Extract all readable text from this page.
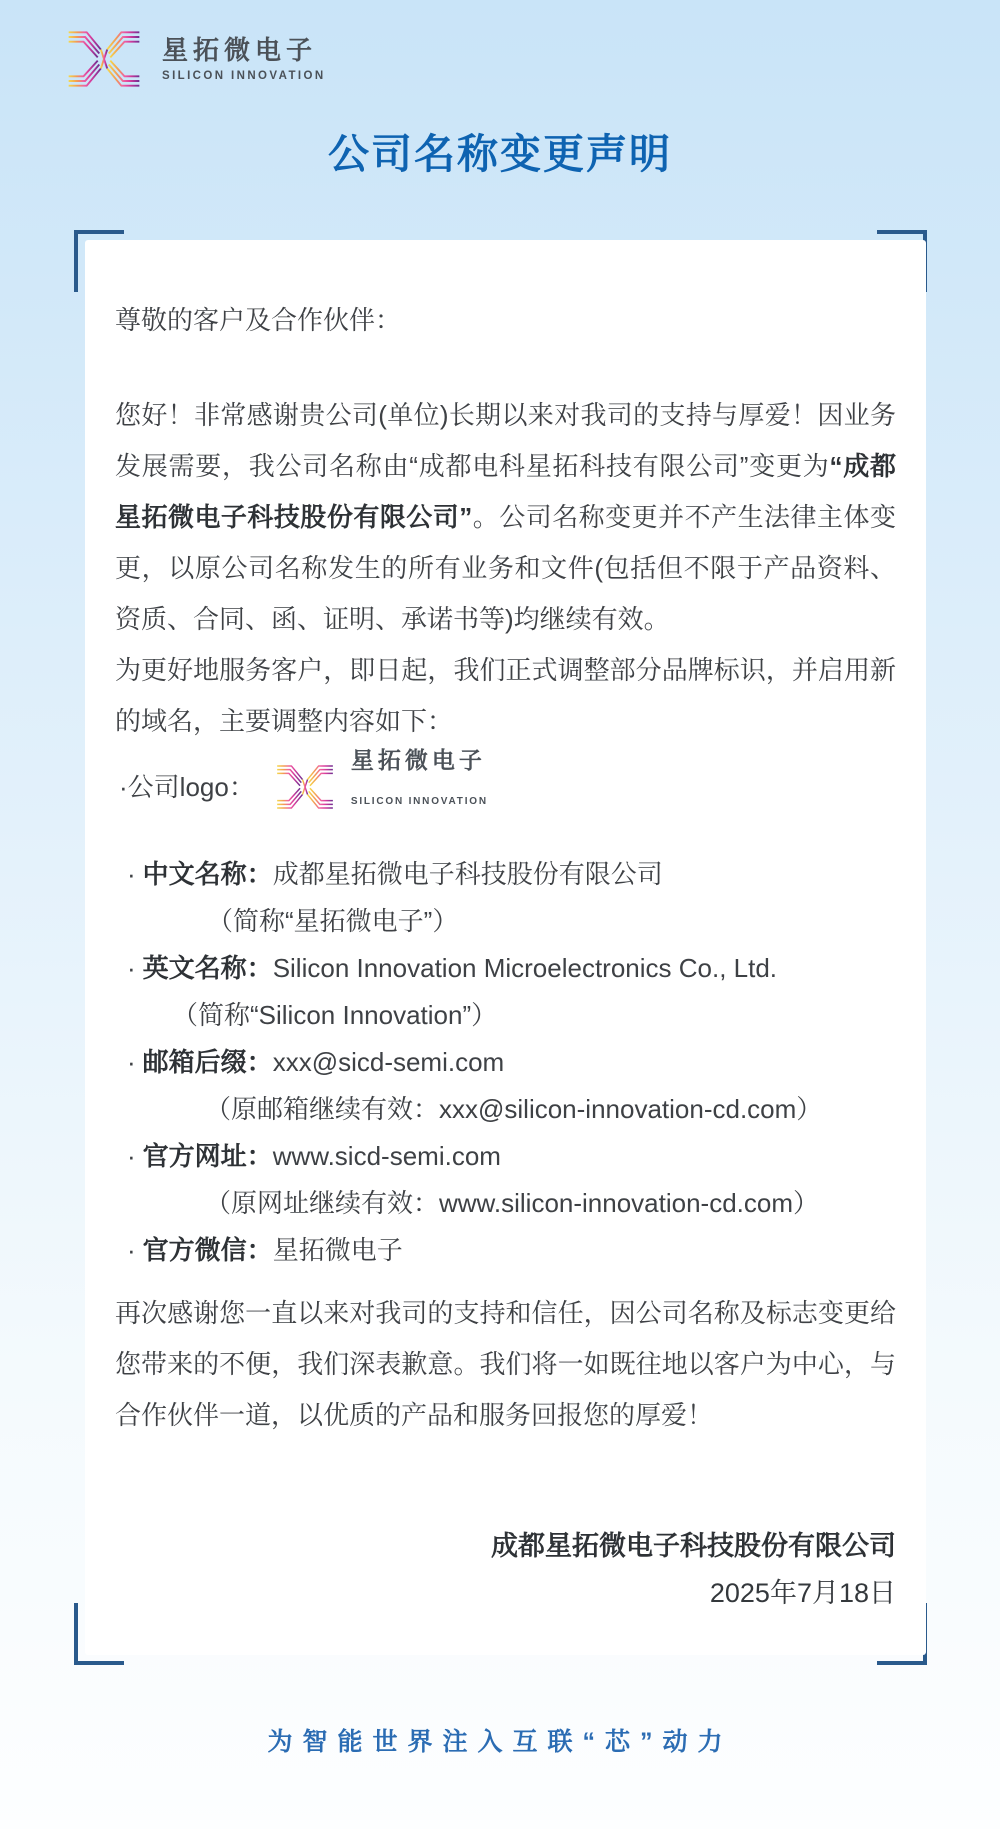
星拓微电子
SILICON INNOVATION
公司名称变更声明
尊敬的客户及合作伙伴：
您好！非常感谢贵公司(单位)长期以来对我司的支持与厚爱！因业务发展需要，我公司名称由“成都电科星拓科技有限公司”变更为“成都星拓微电子科技股份有限公司”。公司名称变更并不产生法律主体变更，以原公司名称发生的所有业务和文件(包括但不限于产品资料、资质、合同、函、证明、承诺书等)均继续有效。
为更好地服务客户，即日起，我们正式调整部分品牌标识，并启用新的域名，主要调整内容如下：
·公司logo：
星拓微电子
SILICON INNOVATION
· 中文名称：成都星拓微电子科技股份有限公司
（简称“星拓微电子”）
· 英文名称：Silicon Innovation Microelectronics Co., Ltd.
（简称“Silicon Innovation”）
· 邮箱后缀：xxx@sicd-semi.com
（原邮箱继续有效：xxx@silicon-innovation-cd.com）
· 官方网址：www.sicd-semi.com
（原网址继续有效：www.silicon-innovation-cd.com）
· 官方微信：星拓微电子
再次感谢您一直以来对我司的支持和信任，因公司名称及标志变更给您带来的不便，我们深表歉意。我们将一如既往地以客户为中心，与合作伙伴一道，以优质的产品和服务回报您的厚爱！
成都星拓微电子科技股份有限公司
2025年7月18日
为智能世界注入互联“芯”动力
